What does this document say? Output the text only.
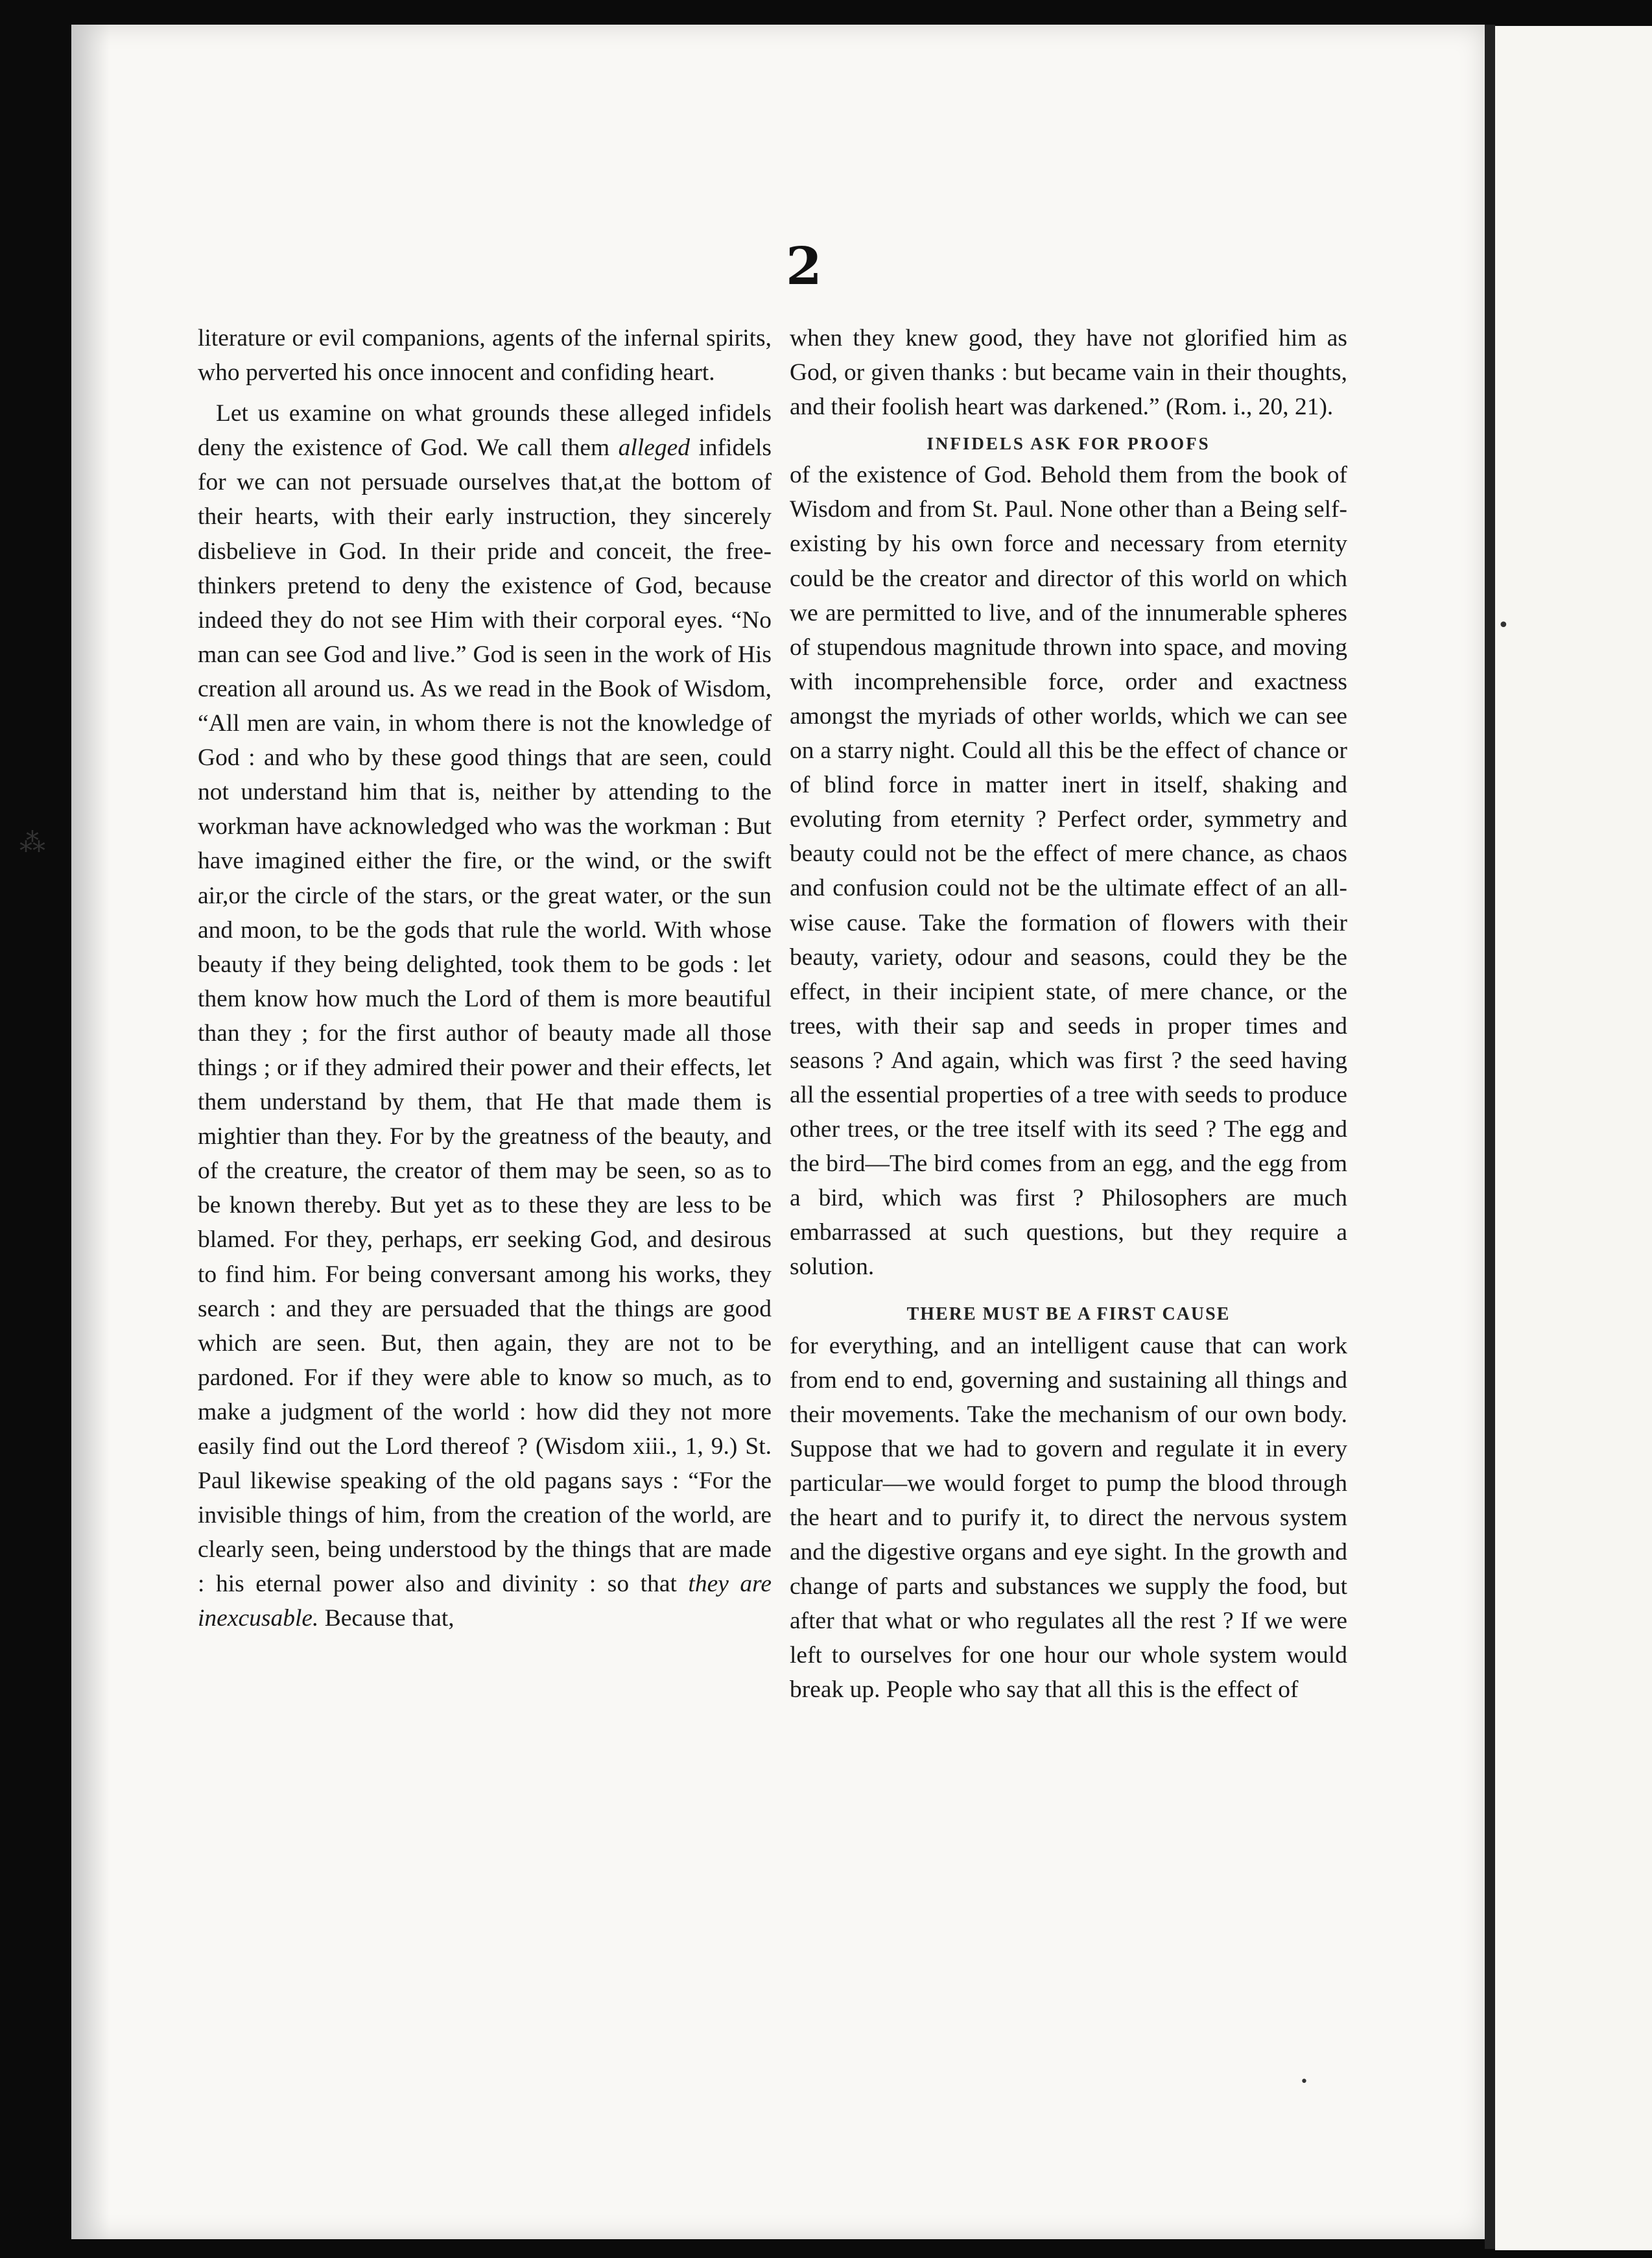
⁂
•
•
2

literature or evil companions, agents of the infernal spirits, who perverted his once innocent and confiding heart.

Let us examine on what grounds these alleged infidels deny the existence of God. We call them alleged infidels for we can not persuade ourselves that,at the bottom of their hearts, with their early instruction, they sincerely disbelieve in God. In their pride and conceit, the free-thinkers pretend to deny the existence of God, because indeed they do not see Him with their corporal eyes. “No man can see God and live.” God is seen in the work of His creation all around us. As we read in the Book of Wisdom, “All men are vain, in whom there is not the knowledge of God : and who by these good things that are seen, could not understand him that is, neither by attending to the workman have acknowledged who was the workman : But have imagined either the fire, or the wind, or the swift air,or the circle of the stars, or the great water, or the sun and moon, to be the gods that rule the world. With whose beauty if they being delighted, took them to be gods : let them know how much the Lord of them is more beautiful than they ; for the first author of beauty made all those things ; or if they admired their power and their effects, let them understand by them, that He that made them is mightier than they. For by the greatness of the beauty, and of the creature, the creator of them may be seen, so as to be known thereby. But yet as to these they are less to be blamed. For they, perhaps, err seeking God, and desirous to find him. For being conversant among his works, they search : and they are persuaded that the things are good which are seen. But, then again, they are not to be pardoned. For if they were able to know so much, as to make a judgment of the world : how did they not more easily find out the Lord thereof ? (Wisdom xiii., 1, 9.) St. Paul likewise speaking of the old pagans says : “For the invisible things of him, from the creation of the world, are clearly seen, being understood by the things that are made : his eternal power also and divinity : so that they are inexcusable. Because that,

when they knew good, they have not glorified him as God, or given thanks : but became vain in their thoughts, and their foolish heart was darkened.” (Rom. i., 20, 21).

INFIDELS ASK FOR PROOFS

of the existence of God. Behold them from the book of Wisdom and from St. Paul. None other than a Being self-existing by his own force and necessary from eternity could be the creator and director of this world on which we are permitted to live, and of the innumerable spheres of stupendous magnitude thrown into space, and moving with incomprehensible force, order and exactness amongst the myriads of other worlds, which we can see on a starry night. Could all this be the effect of chance or of blind force in matter inert in itself, shaking and evoluting from eternity ? Perfect order, symmetry and beauty could not be the effect of mere chance, as chaos and confusion could not be the ultimate effect of an all-wise cause. Take the formation of flowers with their beauty, variety, odour and seasons, could they be the effect, in their incipient state, of mere chance, or the trees, with their sap and seeds in proper times and seasons ? And again, which was first ? the seed having all the essential properties of a tree with seeds to produce other trees, or the tree itself with its seed ? The egg and the bird—The bird comes from an egg, and the egg from a bird, which was first ? Philosophers are much embarrassed at such questions, but they require a solution.

THERE MUST BE A FIRST CAUSE

for everything, and an intelligent cause that can work from end to end, governing and sustaining all things and their movements. Take the mechanism of our own body. Suppose that we had to govern and regulate it in every particular—we would forget to pump the blood through the heart and to purify it, to direct the nervous system and the digestive organs and eye sight. In the growth and change of parts and substances we supply the food, but after that what or who regulates all the rest ? If we were left to ourselves for one hour our whole system would break up. People who say that all this is the effect of
